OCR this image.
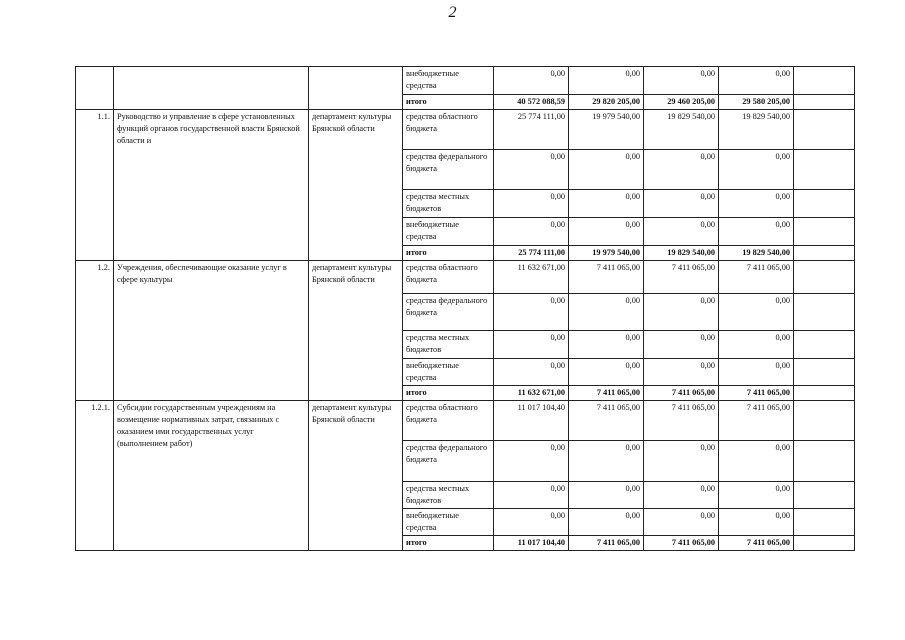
2
			внебюджетные средства	0,00	0,00	0,00	0,00	
			итого	40 572 088,59	29 820 205,00	29 460 205,00	29 580 205,00	
1.1.	Руководство и управление в сфере установленных функций органов государственной власти Брянской области и	департамент культуры Брянской области	средства областного бюджета	25 774 111,00	19 979 540,00	19 829 540,00	19 829 540,00	
			средства федерального бюджета	0,00	0,00	0,00	0,00	
			средства местных бюджетов	0,00	0,00	0,00	0,00	
			внебюджетные средства	0,00	0,00	0,00	0,00	
			итого	25 774 111,00	19 979 540,00	19 829 540,00	19 829 540,00	
1.2.	Учреждения, обеспечивающие оказание услуг в сфере культуры	департамент культуры Брянской области	средства областного бюджета	11 632 671,00	7 411 065,00	7 411 065,00	7 411 065,00	
			средства федерального бюджета	0,00	0,00	0,00	0,00	
			средства местных бюджетов	0,00	0,00	0,00	0,00	
			внебюджетные средства	0,00	0,00	0,00	0,00	
			итого	11 632 671,00	7 411 065,00	7 411 065,00	7 411 065,00	
1.2.1.	Субсидии государственным учреждениям на возмещение нормативных затрат, связанных с оказанием ими государственных услуг (выполнением работ)	департамент культуры Брянской области	средства областного бюджета	11 017 104,40	7 411 065,00	7 411 065,00	7 411 065,00	
			средства федерального бюджета	0,00	0,00	0,00	0,00	
			средства местных бюджетов	0,00	0,00	0,00	0,00	
			внебюджетные средства	0,00	0,00	0,00	0,00	
			итого	11 017 104,40	7 411 065,00	7 411 065,00	7 411 065,00	
